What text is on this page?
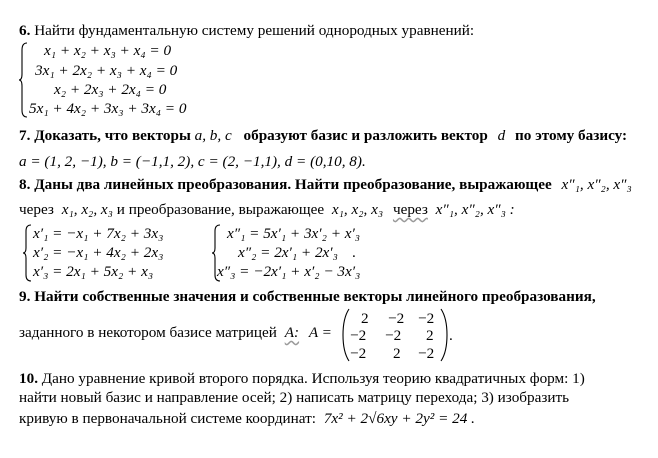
6. Найти фундаментальную систему решений однородных уравнений:
x₁ + x₂ + x₃ + x₄ = 0
3x₁ + 2x₂ + x₃ + x₄ = 0
x₂ + 2x₃ + 2x₄ = 0
5x₁ + 4x₂ + 3x₃ + 3x₄ = 0
7. Доказать, что векторы a, b, c образуют базис и разложить вектор d по этому базису:
a = (1, 2, −1), b = (−1,1, 2), c = (2, −1,1), d = (0,10, 8).
8. Даны два линейных преобразования. Найти преобразование, выражающее x″₁, x″₂, x″₃
через x₁, x₂, x₃ и преобразование, выражающее x₁, x₂, x₃ через x″₁, x″₂, x″₃ :
x′₁ = −x₁ + 7x₂ + 3x₃
x′₂ = −x₁ + 4x₂ + 2x₃
x′₃ = 2x₁ + 5x₂ + x₃
x″₁ = 5x′₁ + 3x′₂ + x′₃
x″₂ = 2x′₁ + 2x′₃
x″₃ = −2x′₁ + x′₂ − 3x′₃
.
9. Найти собственные значения и собственные векторы линейного преобразования,
заданного в некотором базисе матрицей A: A =
2 −2 −2
−2 −2 2
−2 2 −2
.
10. Дано уравнение кривой второго порядка. Используя теорию квадратичных форм: 1)
найти новый базис и направление осей; 2) написать матрицу перехода; 3) изобразить
кривую в первоначальной системе координат: 7x² + 2√6xy + 2y² = 24 .
